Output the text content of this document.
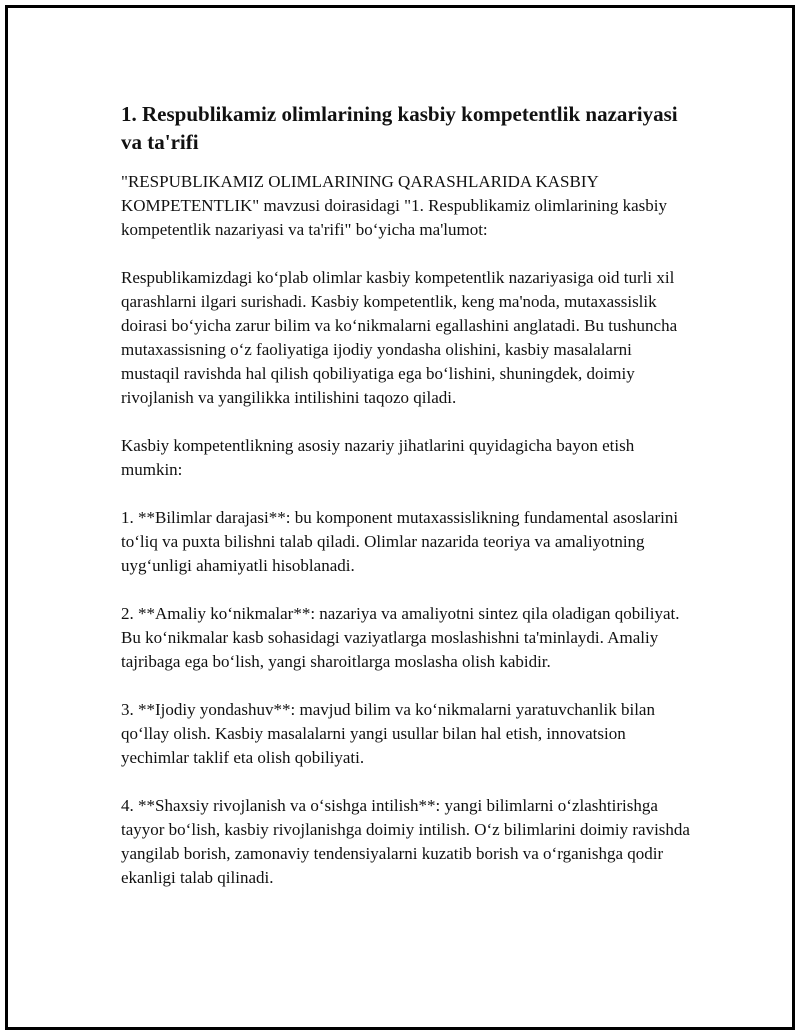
1. Respublikamiz olimlarining kasbiy kompetentlik nazariyasi va ta'rifi

"RESPUBLIKAMIZ OLIMLARINING QARASHLARIDA KASBIY KOMPETENTLIK" mavzusi doirasidagi "1. Respublikamiz olimlarining kasbiy kompetentlik nazariyasi va ta'rifi" bo‘yicha ma'lumot:

Respublikamizdagi ko‘plab olimlar kasbiy kompetentlik nazariyasiga oid turli xil qarashlarni ilgari surishadi. Kasbiy kompetentlik, keng ma'noda, mutaxassislik doirasi bo‘yicha zarur bilim va ko‘nikmalarni egallashini anglatadi. Bu tushuncha mutaxassisning o‘z faoliyatiga ijodiy yondasha olishini, kasbiy masalalarni mustaqil ravishda hal qilish qobiliyatiga ega bo‘lishini, shuningdek, doimiy rivojlanish va yangilikka intilishini taqozo qiladi.

Kasbiy kompetentlikning asosiy nazariy jihatlarini quyidagicha bayon etish mumkin:

1. **Bilimlar darajasi**: bu komponent mutaxassislikning fundamental asoslarini to‘liq va puxta bilishni talab qiladi. Olimlar nazarida teoriya va amaliyotning uyg‘unligi ahamiyatli hisoblanadi.

2. **Amaliy ko‘nikmalar**: nazariya va amaliyotni sintez qila oladigan qobiliyat. Bu ko‘nikmalar kasb sohasidagi vaziyatlarga moslashishni ta'minlaydi. Amaliy tajribaga ega bo‘lish, yangi sharoitlarga moslasha olish kabidir.

3. **Ijodiy yondashuv**: mavjud bilim va ko‘nikmalarni yaratuvchanlik bilan qo‘llay olish. Kasbiy masalalarni yangi usullar bilan hal etish, innovatsion yechimlar taklif eta olish qobiliyati.

4. **Shaxsiy rivojlanish va o‘sishga intilish**: yangi bilimlarni o‘zlashtirishga tayyor bo‘lish, kasbiy rivojlanishga doimiy intilish. O‘z bilimlarini doimiy ravishda yangilab borish, zamonaviy tendensiyalarni kuzatib borish va o‘rganishga qodir ekanligi talab qilinadi.
